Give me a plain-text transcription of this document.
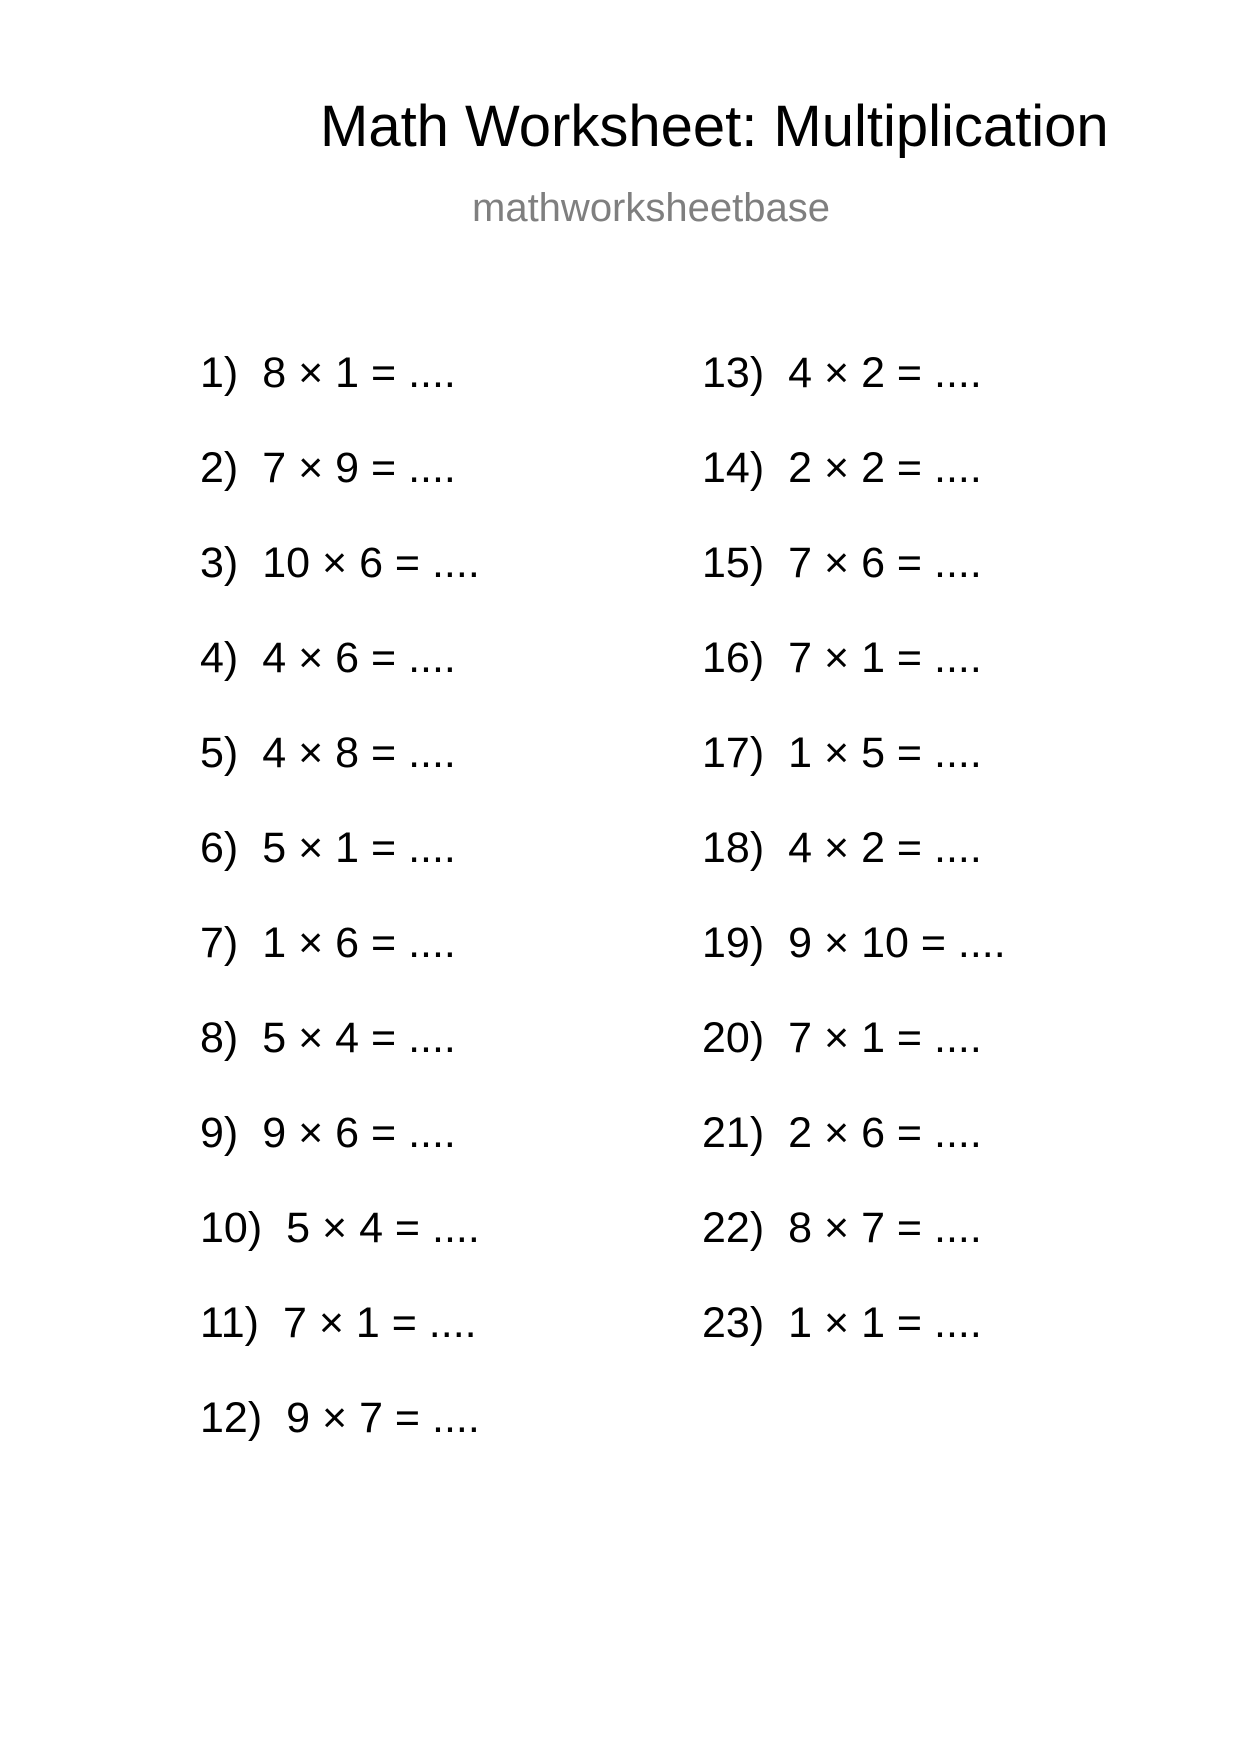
Math Worksheet: Multiplication
mathworksheetbase
1) 8 × 1 = ....
2) 7 × 9 = ....
3) 10 × 6 = ....
4) 4 × 6 = ....
5) 4 × 8 = ....
6) 5 × 1 = ....
7) 1 × 6 = ....
8) 5 × 4 = ....
9) 9 × 6 = ....
10) 5 × 4 = ....
11) 7 × 1 = ....
12) 9 × 7 = ....
13) 4 × 2 = ....
14) 2 × 2 = ....
15) 7 × 6 = ....
16) 7 × 1 = ....
17) 1 × 5 = ....
18) 4 × 2 = ....
19) 9 × 10 = ....
20) 7 × 1 = ....
21) 2 × 6 = ....
22) 8 × 7 = ....
23) 1 × 1 = ....
